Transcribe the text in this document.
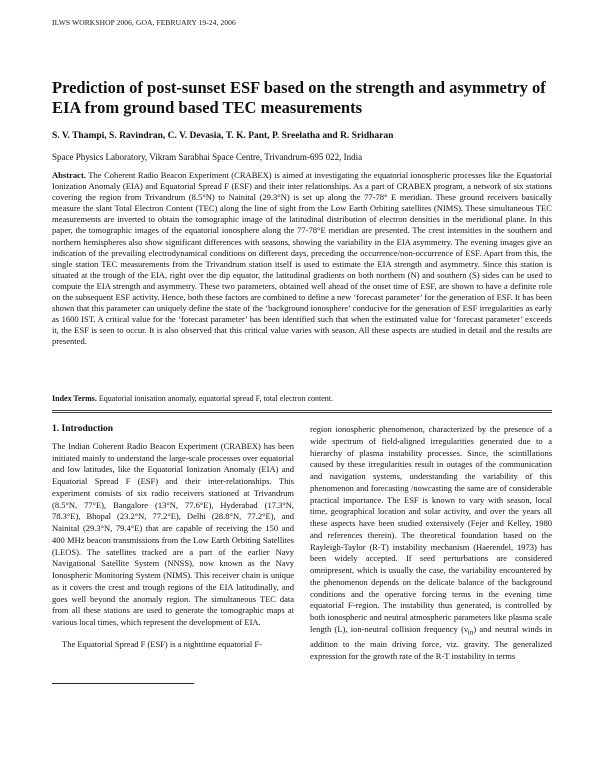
ILWS WORKSHOP 2006, GOA, FEBRUARY 19-24, 2006
Prediction of post-sunset ESF based on the strength and asymmetry of EIA from ground based TEC measurements
S. V. Thampi, S. Ravindran, C. V. Devasia, T. K. Pant, P. Sreelatha and R. Sridharan
Space Physics Laboratory, Vikram Sarabhai Space Centre, Trivandrum-695 022, India

Abstract. The Coherent Radio Beacon Experiment (CRABEX) is aimed at investigating the equatorial ionospheric processes like the Equatorial Ionization Anomaly (EIA) and Equatorial Spread F (ESF) and their inter relationships. As a part of CRABEX program, a network of six stations covering the region from Trivandrum (8.5°N) to Nainital (29.3°N) is set up along the 77-78° E meridian. These ground receivers basically measure the slant Total Electron Content (TEC) along the line of sight from the Low Earth Orbiting satellites (NIMS). These simultaneous TEC measurements are inverted to obtain the tomographic image of the latitudinal distribution of electron densities in the meridional plane. In this paper, the tomographic images of the equatorial ionosphere along the 77-78°E meridian are presented. The crest intensities in the southern and northern hemispheres also show significant differences with seasons, showing the variability in the EIA asymmetry. The evening images give an indication of the prevailing electrodynamical conditions on different days, preceding the occurrence/non-occurrence of ESF. Apart from this, the single station TEC measurements from the Trivandrum station itself is used to estimate the EIA strength and asymmetry. Since this station is situated at the trough of the EIA, right over the dip equator, the latitudinal gradients on both northern (N) and southern (S) sides can be used to compute the EIA strength and asymmetry. These two parameters, obtained well ahead of the onset time of ESF, are shown to have a definite role on the subsequent ESF activity. Hence, both these factors are combined to define a new ‘forecast parameter’ for the generation of ESF. It has been shown that this parameter can uniquely define the state of the ‘background ionosphere’ conducive for the generation of ESF irregularities as early as 1600 IST. A critical value for the ‘forecast parameter’ has been identified such that when the estimated value for ‘forecast parameter’ exceeds it, the ESF is seen to occur. It is also observed that this critical value varies with season. All these aspects are studied in detail and the results are presented.

Index Terms. Equatorial ionisation anomaly, equatorial spread F, total electron content.

1. Introduction

The Indian Coherent Radio Beacon Experiment (CRABEX) has been initiated mainly to understand the large-scale processes over equatorial and low latitudes, like the Equatorial Ionization Anomaly (EIA) and Equatorial Spread F (ESF) and their inter-relationships. This experiment consists of six radio receivers stationed at Trivandrum (8.5°N, 77°E), Bangalore (13°N, 77.6°E), Hyderabad (17.3°N, 78.3°E), Bhopal (23.2°N, 77.2°E), Delhi (28.8°N, 77.2°E), and Nainital (29.3°N, 79.4°E) that are capable of receiving the 150 and 400 MHz beacon transmissions from the Low Earth Orbiting Satellites (LEOS). The satellites tracked are a part of the earlier Navy Navigational Satellite System (NNSS), now known as the Navy Ionospheric Monitoring System (NIMS). This receiver chain is unique as it covers the crest and trough regions of the EIA latitudinally, and goes well beyond the anomaly region. The simultaneous TEC data from all these stations are used to generate the tomographic maps at various local times, which represent the development of EIA.

The Equatorial Spread F (ESF) is a nighttime equatorial F-

region ionospheric phenomenon, characterized by the presence of a wide spectrum of field-aligned irregularities generated due to a hierarchy of plasma instability processes. Since, the scintillations caused by these irregularities result in outages of the communication and navigation systems, understanding the variability of this phenomenon and forecasting /nowcasting the same are of considerable practical importance. The ESF is known to vary with season, local time, geographical location and solar activity, and over the years all these aspects have been studied extensively (Fejer and Kelley, 1980 and references therein). The theoretical foundation based on the Rayleigh-Taylor (R-T) instability mechanism (Haerendel, 1973) has been widely accepted. If seed perturbations are considered omnipresent, which is usually the case, the variability encountered by the phenomenon depends on the delicate balance of the background conditions and the operative forcing terms in the evening time equatorial F-region. The instability thus generated, is controlled by both ionospheric and neutral atmospheric parameters like plasma scale length (L), ion-neutral collision frequency $(\nu_{in})$ and neutral winds in addition to the main driving force, viz. gravity. The generalized expression for the growth rate of the R-T instability in terms
